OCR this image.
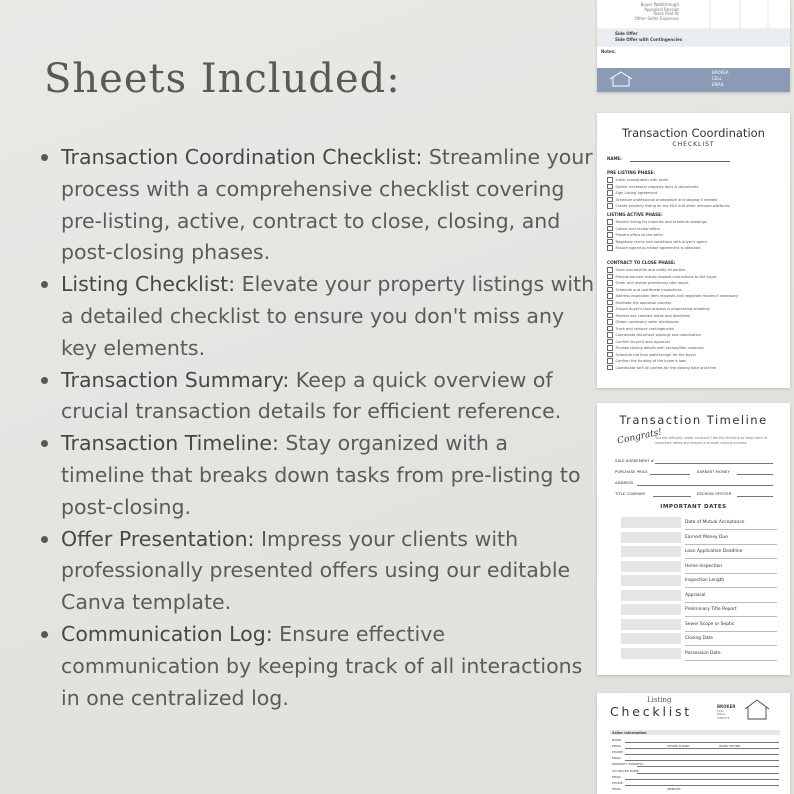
Sheets Included:
Transaction Coordination Checklist: Streamline your process with a comprehensive checklist covering pre-listing, active, contract to close, closing, and post-closing phases.
Listing Checklist: Elevate your property listings with a detailed checklist to ensure you don't miss any key elements.
Transaction Summary: Keep a quick overview of crucial transaction details for efficient reference.
Transaction Timeline: Stay organized with a timeline that breaks down tasks from pre-listing to post-closing.
Offer Presentation: Impress your clients with professionally presented offers using our editable Canva template.
Communication Log: Ensure effective communication by keeping track of all interactions in one centralized log.
Buyer Walkthrough
Appraisal Receipt
Taxes Paid At
Other Seller Expenses
Side Offer
Side Offer with Contingencies
Notes:
BROKER
CELL
EMAIL
Transaction Coordination
CHECKLIST
NAME:
PRE LISTING PHASE:
Initial consultation with seller
Gather necessary property docs & documents
Sign Listing Agreement
Schedule professional photograph and staging if needed
Create property listing on the MLS and other relevant platforms
LISTING ACTIVE PHASE:
Monitor listing for inquiries and schedule showings
Collect and review offers
Present offers to the seller
Negotiate terms and conditions with buyer's agent
Ensure signed purchase agreement is obtained
CONTRACT TO CLOSE PHASE:
Open escrow/title and notify all parties
Provide earnest money deposit instructions to the buyer
Order and review preliminary title report
Schedule and coordinate inspections
Address inspection item requests and negotiate repairs if necessary
Facilitate the appraisal process
Ensure buyer's loan process is progressing smoothly
Monitor key contract dates and deadlines
Obtain necessary seller disclosures
Track and remove contingencies
Coordinate document signings and notarization
Confirm buyer's loan approval
Finalize closing details with escrow/title company
Schedule the final walkthrough for the buyer
Confirm the funding of the buyer's loan
Coordinate with all parties for the closing date and time
Transaction Timeline
Congrats!
You are officially under contract! Use this timeline to keep track of important dates and ensure a smooth closing process.
SALE AGREEMENT #
PURCHASE PRICE	EARNEST MONEY
ADDRESS
TITLE COMPANY	ESCROW OFFICER
IMPORTANT DATES
Date of Mutual Acceptance
Earnest Money Due
Loan Application Deadline
Home Inspection
Inspection Length
Appraisal
Preliminary Title Report
Sewer Scope or Septic
Closing Date
Possession Date
Listing
Checklist	BROKER
CELL
EMAIL
WEBSITE
Seller Information
NAME:
EMAIL:	PHONE PHONE:	WORK PHONE:
PHONE:
EMAIL:
PROPERTY ADDRESS:
CO-SELLER NAME:
EMAIL:
PHONE:
EMAIL:	WEBSITE:
